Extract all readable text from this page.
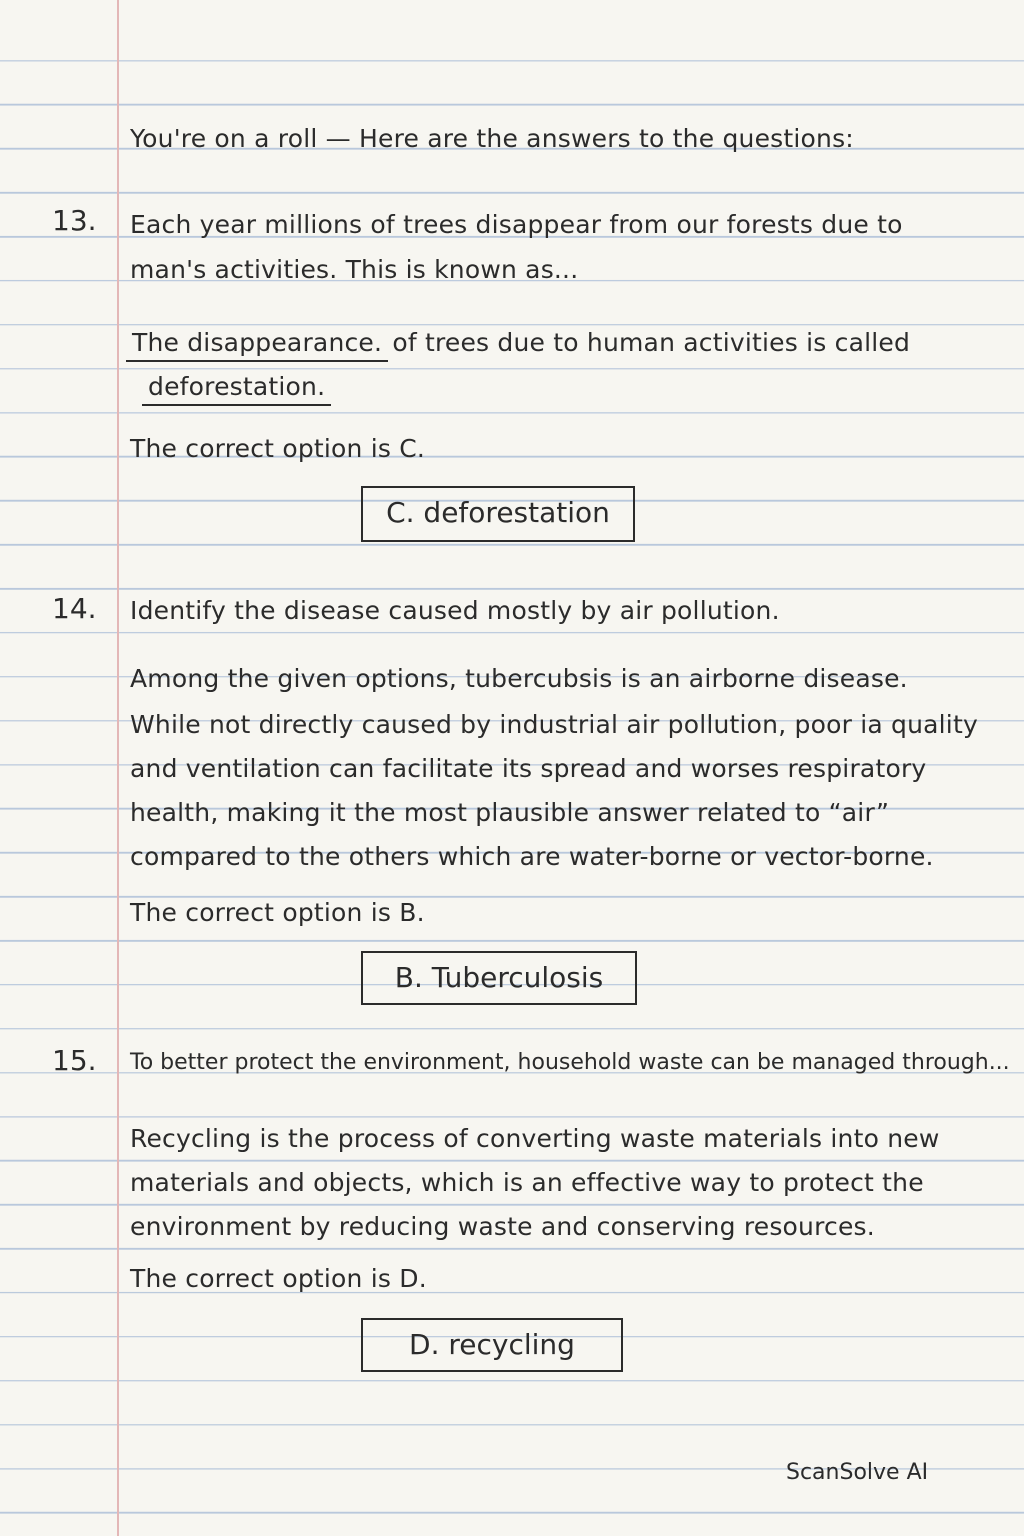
You're on a roll — Here are the answers to the questions:
13. Each year millions of trees disappear from our forests due to
man's activities. This is known as...
The disappearance. of trees due to human activities is called
deforestation.
The correct option is C.
C. deforestation
14. Identify the disease caused mostly by air pollution.
Among the given options, tubercubsis is an airborne disease.
While not directly caused by industrial air pollution, poor ia quality
and ventilation can facilitate its spread and worses respiratory
health, making it the most plausible answer related to “air”
compared to the others which are water-borne or vector-borne.
The correct option is B.
B. Tuberculosis
15. To better protect the environment, household waste can be managed through...
Recycling is the process of converting waste materials into new
materials and objects, which is an effective way to protect the
environment by reducing waste and conserving resources.
The correct option is D.
D. recycling
ScanSolve AI
